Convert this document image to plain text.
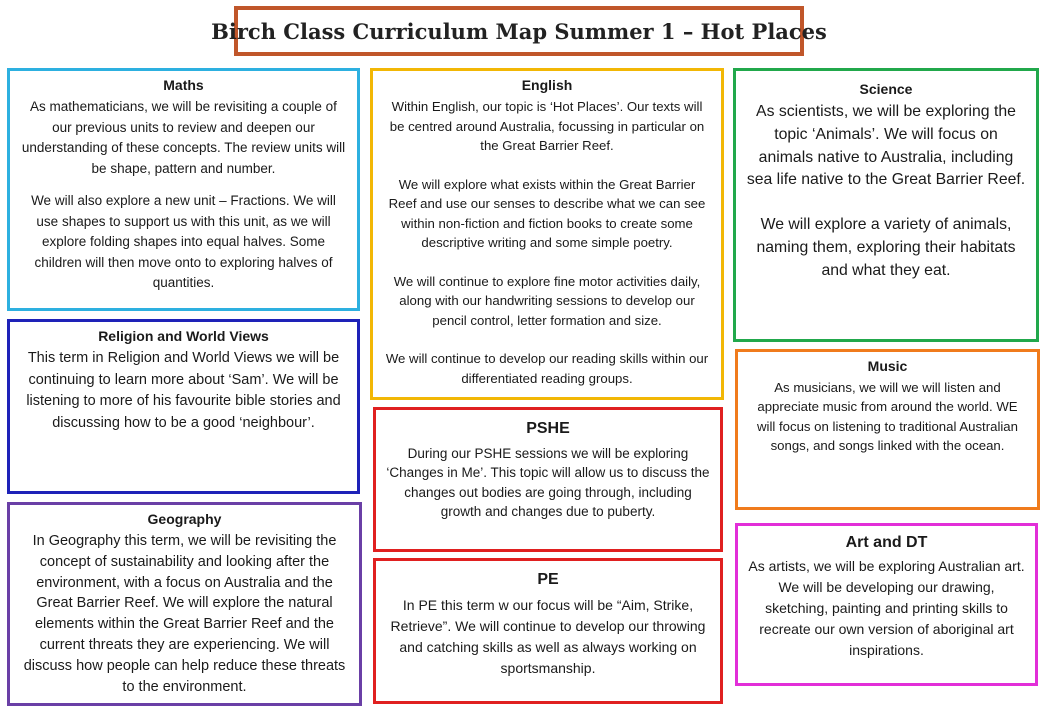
Birch Class Curriculum Map Summer 1 – Hot Places
Maths

As mathematicians, we will be revisiting a couple of our previous units to review and deepen our understanding of these concepts. The review units will be shape, pattern and number.

We will also explore a new unit – Fractions. We will use shapes to support us with this unit, as we will explore folding shapes into equal halves. Some children will then move onto to exploring halves of quantities.

Religion and World Views

This term in Religion and World Views we will be continuing to learn more about ‘Sam’. We will be listening to more of his favourite bible stories and discussing how to be a good ‘neighbour’.

Geography

In Geography this term, we will be revisiting the concept of sustainability and looking after the environment, with a focus on Australia and the Great Barrier Reef. We will explore the natural elements within the Great Barrier Reef and the current threats they are experiencing. We will discuss how people can help reduce these threats to the environment.

English

Within English, our topic is ‘Hot Places’. Our texts will be centred around Australia, focussing in particular on the Great Barrier Reef.

We will explore what exists within the Great Barrier Reef and use our senses to describe what we can see within non-fiction and fiction books to create some descriptive writing and some simple poetry.

We will continue to explore fine motor activities daily, along with our handwriting sessions to develop our pencil control, letter formation and size.

We will continue to develop our reading skills within our differentiated reading groups.

PSHE

During our PSHE sessions we will be exploring ‘Changes in Me’. This topic will allow us to discuss the changes out bodies are going through, including growth and changes due to puberty.

PE

In PE this term w our focus will be “Aim, Strike, Retrieve”. We will continue to develop our throwing and catching skills as well as always working on sportsmanship.

Science

As scientists, we will be exploring the topic ‘Animals’. We will focus on animals native to Australia, including sea life native to the Great Barrier Reef.

We will explore a variety of animals, naming them, exploring their habitats and what they eat.

Music

As musicians, we will we will listen and appreciate music from around the world. WE will focus on listening to traditional Australian songs, and songs linked with the ocean.

Art and DT

As artists, we will be exploring Australian art. We will be developing our drawing, sketching, painting and printing skills to recreate our own version of aboriginal art inspirations.
